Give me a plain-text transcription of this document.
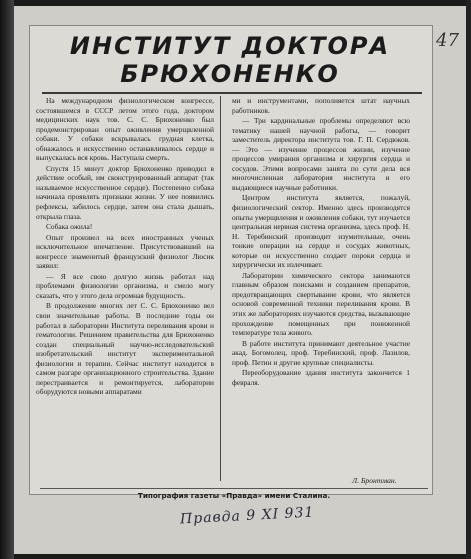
ИНСТИТУТ ДОКТОРА БРЮХОНЕНКО

На международном физиологическом конгрессе, состоявшемся в СССР летом этого года, доктором медицинских наук тов. С. С. Брюхоненко был продемонстрирован опыт оживления умерщвленной собаки. У собаки вскрывалась грудная клетка, обнажалось и искусственно останавливалось сердце и выпускалась вся кровь. Наступала смерть.

Спустя 15 минут доктор Брюхоненко приводил в действие особый, им сконструированный аппарат (так называемое искусственное сердце). Постепенно собака начинала проявлять признаки жизни. У нее появились рефлексы, забилось сердце, затем она стала дышать, открыла глаза.

Собака ожила!

Опыт произвел на всех иностранных ученых исключительное впечатление. Присутствовавший на конгрессе знаменитый французский физиолог Люсик заявил:

— Я все свою долгую жизнь работал над проблемами физиологии организма, и смело могу сказать, что у этого дела огромная будущность.

В продолжение многих лет С. С. Брюхоненко вел свои значительные работы. В последние годы он работал в лаборатории Института переливания крови и гематологии. Решением правительства для Брюхоненко создан специальный научно-исследовательский изобретательский институт экспериментальной физиологии и терапии. Сейчас институт находится в самом разгаре организационного строительства. Здание перестраивается и ремонтируется, лаборатории оборудуются новыми аппаратами

ми и инструментами, пополняется штат научных работников.

— Три кардинальные проблемы определяют всю тематику нашей научной работы, — говорит заместитель директора института тов. Г. П. Сердюков. — Это — изучение процессов жизни, изучение процессов умирания организма и хирургия сердца и сосудов. Этими вопросами занята по сути дела вся многочисленная лаборатория института и его выдающиеся научные работники.

Центром института является, пожалуй, физиологический сектор. Именно здесь производятся опыты умерщвления и оживления собаки, тут изучается центральная нервная система организма, здесь проф. Н. Н. Теребинский производит изумительные, очень тонкие операции на сердце и сосудах животных, которые он искусственно создает пороки сердца и хирургически их излечивает.

Лаборатории химического сектора занимаются главным образом поисками и созданием препаратов, предотвращающих свертывание крови, что является основой современной техники переливания крови. В этих же лабораториях изучаются средства, вызывающие прохождение помещенных при пониженной температуре тела живого.

В работе института принимают деятельное участие акад. Богомолец, проф. Теребинский, проф. Лазилов, проф. Петин и другие крупные специалисты.

Переоборудование здания института закончится 1 февраля.

Л. Бронтман.
Типография газеты «Правда» имени Сталина.
Правда 9 XI 931
47
